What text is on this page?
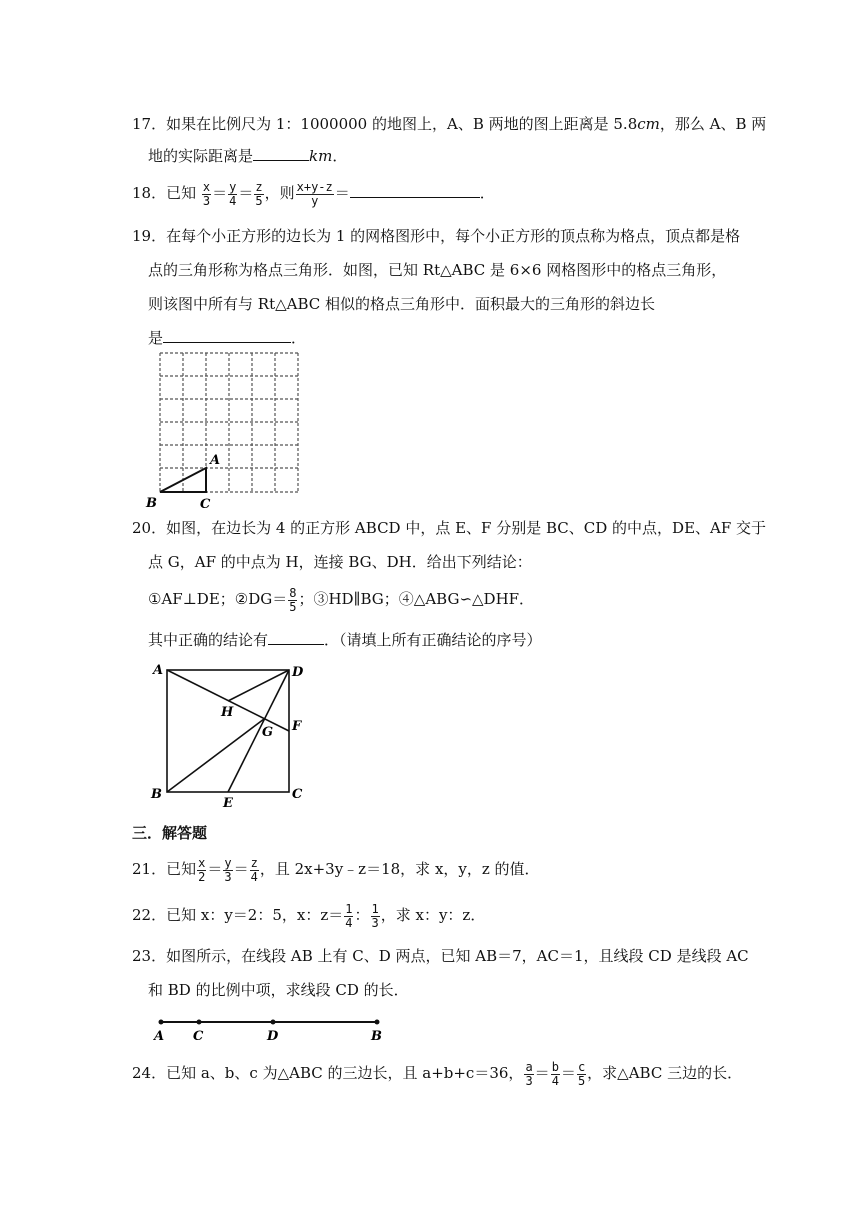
17．如果在比例尺为 1：1000000 的地图上，A、B 两地的图上距离是 5.8cm，那么 A、B 两
地的实际距离是	km．
18．已知 $\frac{x}{3} = \frac{y}{4} = \frac{z}{5}$ ，则 $\frac{x+y-z}{y}$ ＝	．
19．在每个小正方形的边长为 1 的网格图形中，每个小正方形的顶点称为格点，顶点都是格
点的三角形称为格点三角形．如图，已知 Rt△ABC 是 6×6 网格图形中的格点三角形，
则该图中所有与 Rt△ABC 相似的格点三角形中．面积最大的三角形的斜边长
是	．
A
B	C
20．如图，在边长为 4 的正方形 ABCD 中，点 E、F 分别是 BC、CD 的中点，DE、AF 交于
点 G，AF 的中点为 H，连接 BG、DH．给出下列结论：
①AF⊥DE；②DG＝ $\frac{8}{5}$ ；③HD∥BG；④△ABG∽△DHF．
其中正确的结论有	．（请填上所有正确结论的序号）
A	D
H
F
G
B
E
C
三．解答题
21．已知 $\frac{x}{2} = \frac{y}{3} = \frac{z}{4}$ ，且 2x+3y﹣z＝18，求 x，y，z 的值．
22．已知 x：y＝2：5，x：$z= \frac{1}{4}$ ： $\frac{1}{3}$ ，求 x：y：z．
23．如图所示，在线段 AB 上有 C、D 两点，已知 AB＝7，AC＝1，且线段 CD 是线段 AC
和 BD 的比例中项，求线段 CD 的长．
A C	D	B
24．已知 a、b、c 为△ABC 的三边长，且 a+b+c＝36， $\frac{a}{3} = \frac{b}{4} = \frac{c}{5}$ ，求△ABC 三边的长．
